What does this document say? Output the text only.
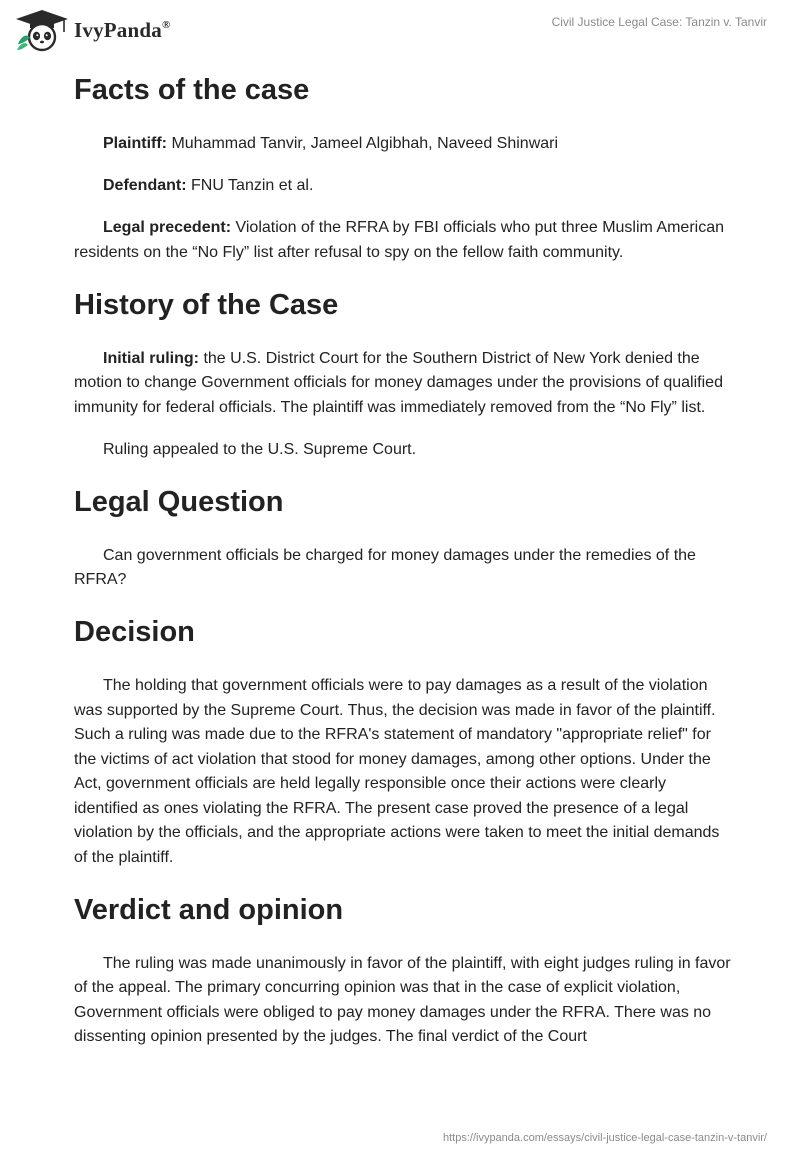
IvyPanda®	Civil Justice Legal Case: Tanzin v. Tanvir
Facts of the case

Plaintiff: Muhammad Tanvir, Jameel Algibhah, Naveed Shinwari

Defendant: FNU Tanzin et al.

Legal precedent: Violation of the RFRA by FBI officials who put three Muslim American residents on the “No Fly” list after refusal to spy on the fellow faith community.

History of the Case

Initial ruling: the U.S. District Court for the Southern District of New York denied the motion to change Government officials for money damages under the provisions of qualified immunity for federal officials. The plaintiff was immediately removed from the “No Fly” list.

Ruling appealed to the U.S. Supreme Court.

Legal Question

Can government officials be charged for money damages under the remedies of the RFRA?

Decision

The holding that government officials were to pay damages as a result of the violation was supported by the Supreme Court. Thus, the decision was made in favor of the plaintiff. Such a ruling was made due to the RFRA's statement of mandatory "appropriate relief" for the victims of act violation that stood for money damages, among other options. Under the Act, government officials are held legally responsible once their actions were clearly identified as ones violating the RFRA. The present case proved the presence of a legal violation by the officials, and the appropriate actions were taken to meet the initial demands of the plaintiff.

Verdict and opinion

The ruling was made unanimously in favor of the plaintiff, with eight judges ruling in favor of the appeal. The primary concurring opinion was that in the case of explicit violation, Government officials were obliged to pay money damages under the RFRA. There was no dissenting opinion presented by the judges. The final verdict of the Court

https://ivypanda.com/essays/civil-justice-legal-case-tanzin-v-tanvir/
